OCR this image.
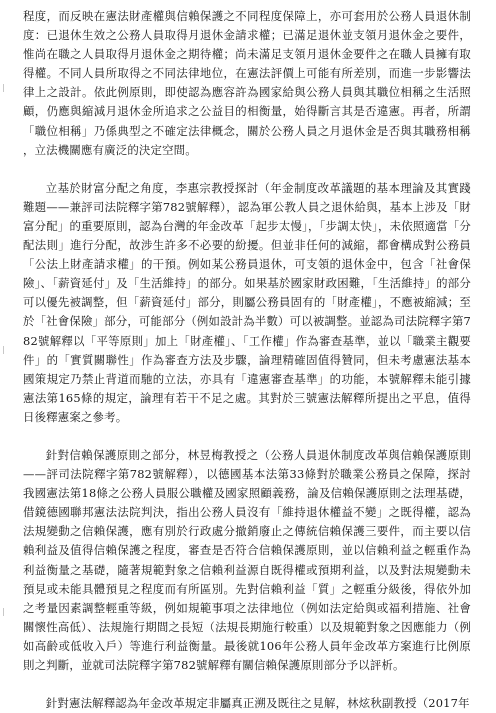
程度，而反映在憲法財產權與信賴保護之不同程度保障上，亦可套用於公務人員退休制度：已退休生效之公務人員取得月退休金請求權；已滿足退休並支領月退休金之要件，惟尚在職之人員取得月退休金之期待權；尚未滿足支領月退休金要件之在職人員擁有取得權。不同人員所取得之不同法律地位，在憲法評價上可能有所差別，而進一步影響法律上之設計。依此例原則，即使認為應容許為國家給與公務人員與其職位相稱之生活照顧，仍應與縮減月退休金所追求之公益目的相衡量，始得斷言其是否違憲。再者，所謂「職位相稱」乃係典型之不確定法律概念，關於公務人員之月退休金是否與其職務相稱，立法機關應有廣泛的決定空間。

立基於財富分配之角度，李惠宗教授探討（年金制度改革議題的基本理論及其實踐難題——兼評司法院釋字第782號解釋），認為軍公教人員之退休給與，基本上涉及「財富分配」的重要原則，認為台灣的年金改革「起步太慢」，「步調太快」，未依照適當「分配法則」進行分配，故涉生許多不必要的紛擾。但並非任何的減縮，都會構成對公務員「公法上財產請求權」的干預。例如某公務員退休，可支領的退休金中，包含「社會保險」、「薪資延付」及「生活維持」的部分。如果基於國家財政困難，「生活維持」的部分可以優先被調整，但「薪資延付」部分，則屬公務員固有的「財產權」，不應被縮減；至於「社會保險」部分，可能部分（例如設計為半數）可以被調整。並認為司法院釋字第782號解釋以「平等原則」加上「財產權」、「工作權」作為審查基準，並以「職業主觀要件」的「實質關聯性」作為審查方法及步驟，論理精確固值得贊同，但未考慮憲法基本國策規定乃禁止背道而馳的立法，亦具有「違憲審查基準」的功能，本號解釋未能引據憲法第165條的規定，論理有若干不足之處。其對於三號憲法解釋所提出之平息，值得日後釋憲案之參考。

針對信賴保護原則之部分，林昱梅教授之（公務人員退休制度改革與信賴保護原則——評司法院釋字第782號解釋），以德國基本法第33條對於職業公務員之保障，探討我國憲法第18條之公務人員服公職權及國家照顧義務，論及信賴保護原則之法理基礎，借鏡德國聯邦憲法法院判決，指出公務人員沒有「維持退休權益不變」之既得權，認為法規變動之信賴保護，應有別於行政處分撤銷廢止之傳統信賴保護三要件，而主要以信賴利益及值得信賴保護之程度，審查是否符合信賴保護原則，並以信賴利益之輕重作為利益衡量之基礎，隨著規範對象之信賴利益源自既得權或預期利益，以及對法規變動未預見或未能具體預見之程度而有所區別。先對信賴利益「質」之輕重分級後，得依外加之考量因素調整輕重等級，例如規範事項之法律地位（例如法定給與或福利措施、社會關懷性高低）、法規施行期間之長短（法規長期施行較重）以及規範對象之因應能力（例如高齡或低收入戶）等進行利益衡量。最後就106年公務人員年金改革方案進行比例原則之判斷，並就司法院釋字第782號解釋有關信賴保護原則部分予以評析。

針對憲法解釋認為年金改革規定非屬真正溯及既往之見解，林炫秋副教授（2017年
